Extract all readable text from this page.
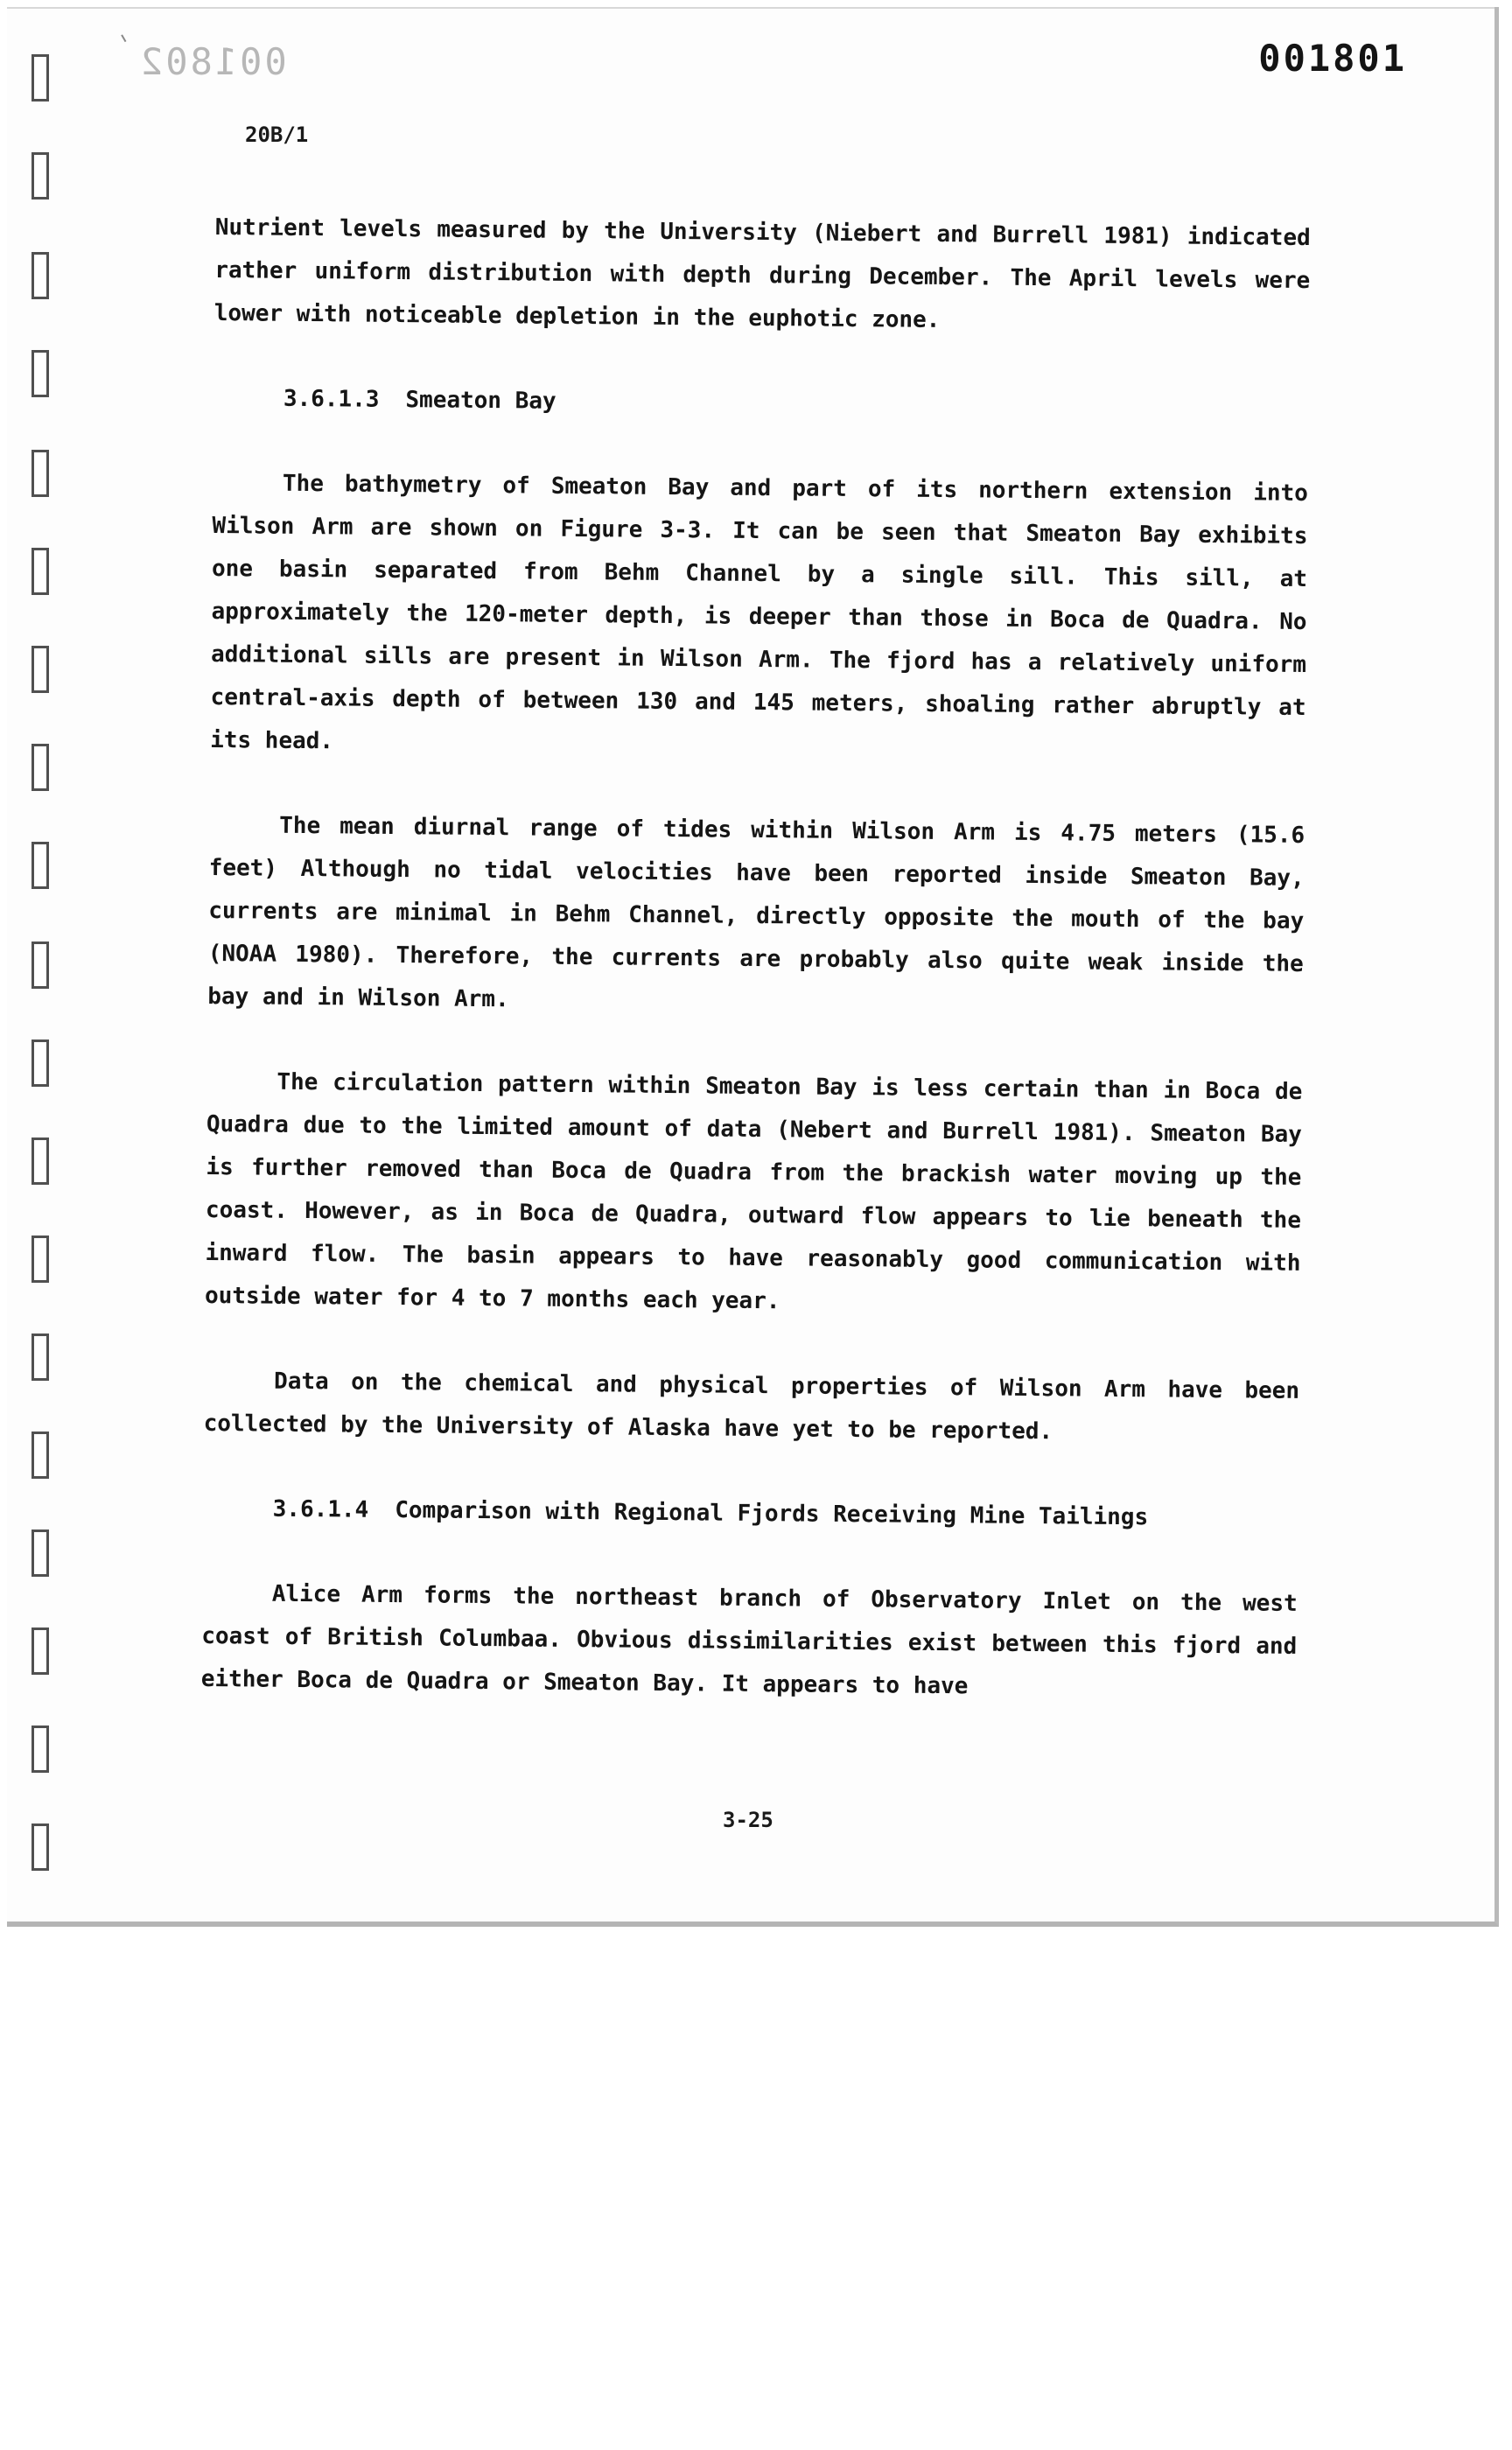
001802	001801
20B/1

Nutrient levels measured by the University (Niebert and Burrell 1981) indicated rather uniform distribution with depth during December. The April levels were lower with noticeable depletion in the euphotic zone.

3.6.1.3 Smeaton Bay

The bathymetry of Smeaton Bay and part of its northern extension into Wilson Arm are shown on Figure 3-3. It can be seen that Smeaton Bay exhibits one basin separated from Behm Channel by a single sill. This sill, at approximately the 120-meter depth, is deeper than those in Boca de Quadra. No additional sills are present in Wilson Arm. The fjord has a relatively uniform central-axis depth of between 130 and 145 meters, shoaling rather abruptly at its head.

The mean diurnal range of tides within Wilson Arm is 4.75 meters (15.6 feet) Although no tidal velocities have been reported inside Smeaton Bay, currents are minimal in Behm Channel, directly opposite the mouth of the bay (NOAA 1980). Therefore, the currents are probably also quite weak inside the bay and in Wilson Arm.

The circulation pattern within Smeaton Bay is less certain than in Boca de Quadra due to the limited amount of data (Nebert and Burrell 1981). Smeaton Bay is further removed than Boca de Quadra from the brackish water moving up the coast. However, as in Boca de Quadra, outward flow appears to lie beneath the inward flow. The basin appears to have reasonably good communication with outside water for 4 to 7 months each year.

Data on the chemical and physical properties of Wilson Arm have been collected by the University of Alaska have yet to be reported.

3.6.1.4 Comparison with Regional Fjords Receiving Mine Tailings

Alice Arm forms the northeast branch of Observatory Inlet on the west coast of British Columbaa. Obvious dissimilarities exist between this fjord and either Boca de Quadra or Smeaton Bay. It appears to have

3-25
